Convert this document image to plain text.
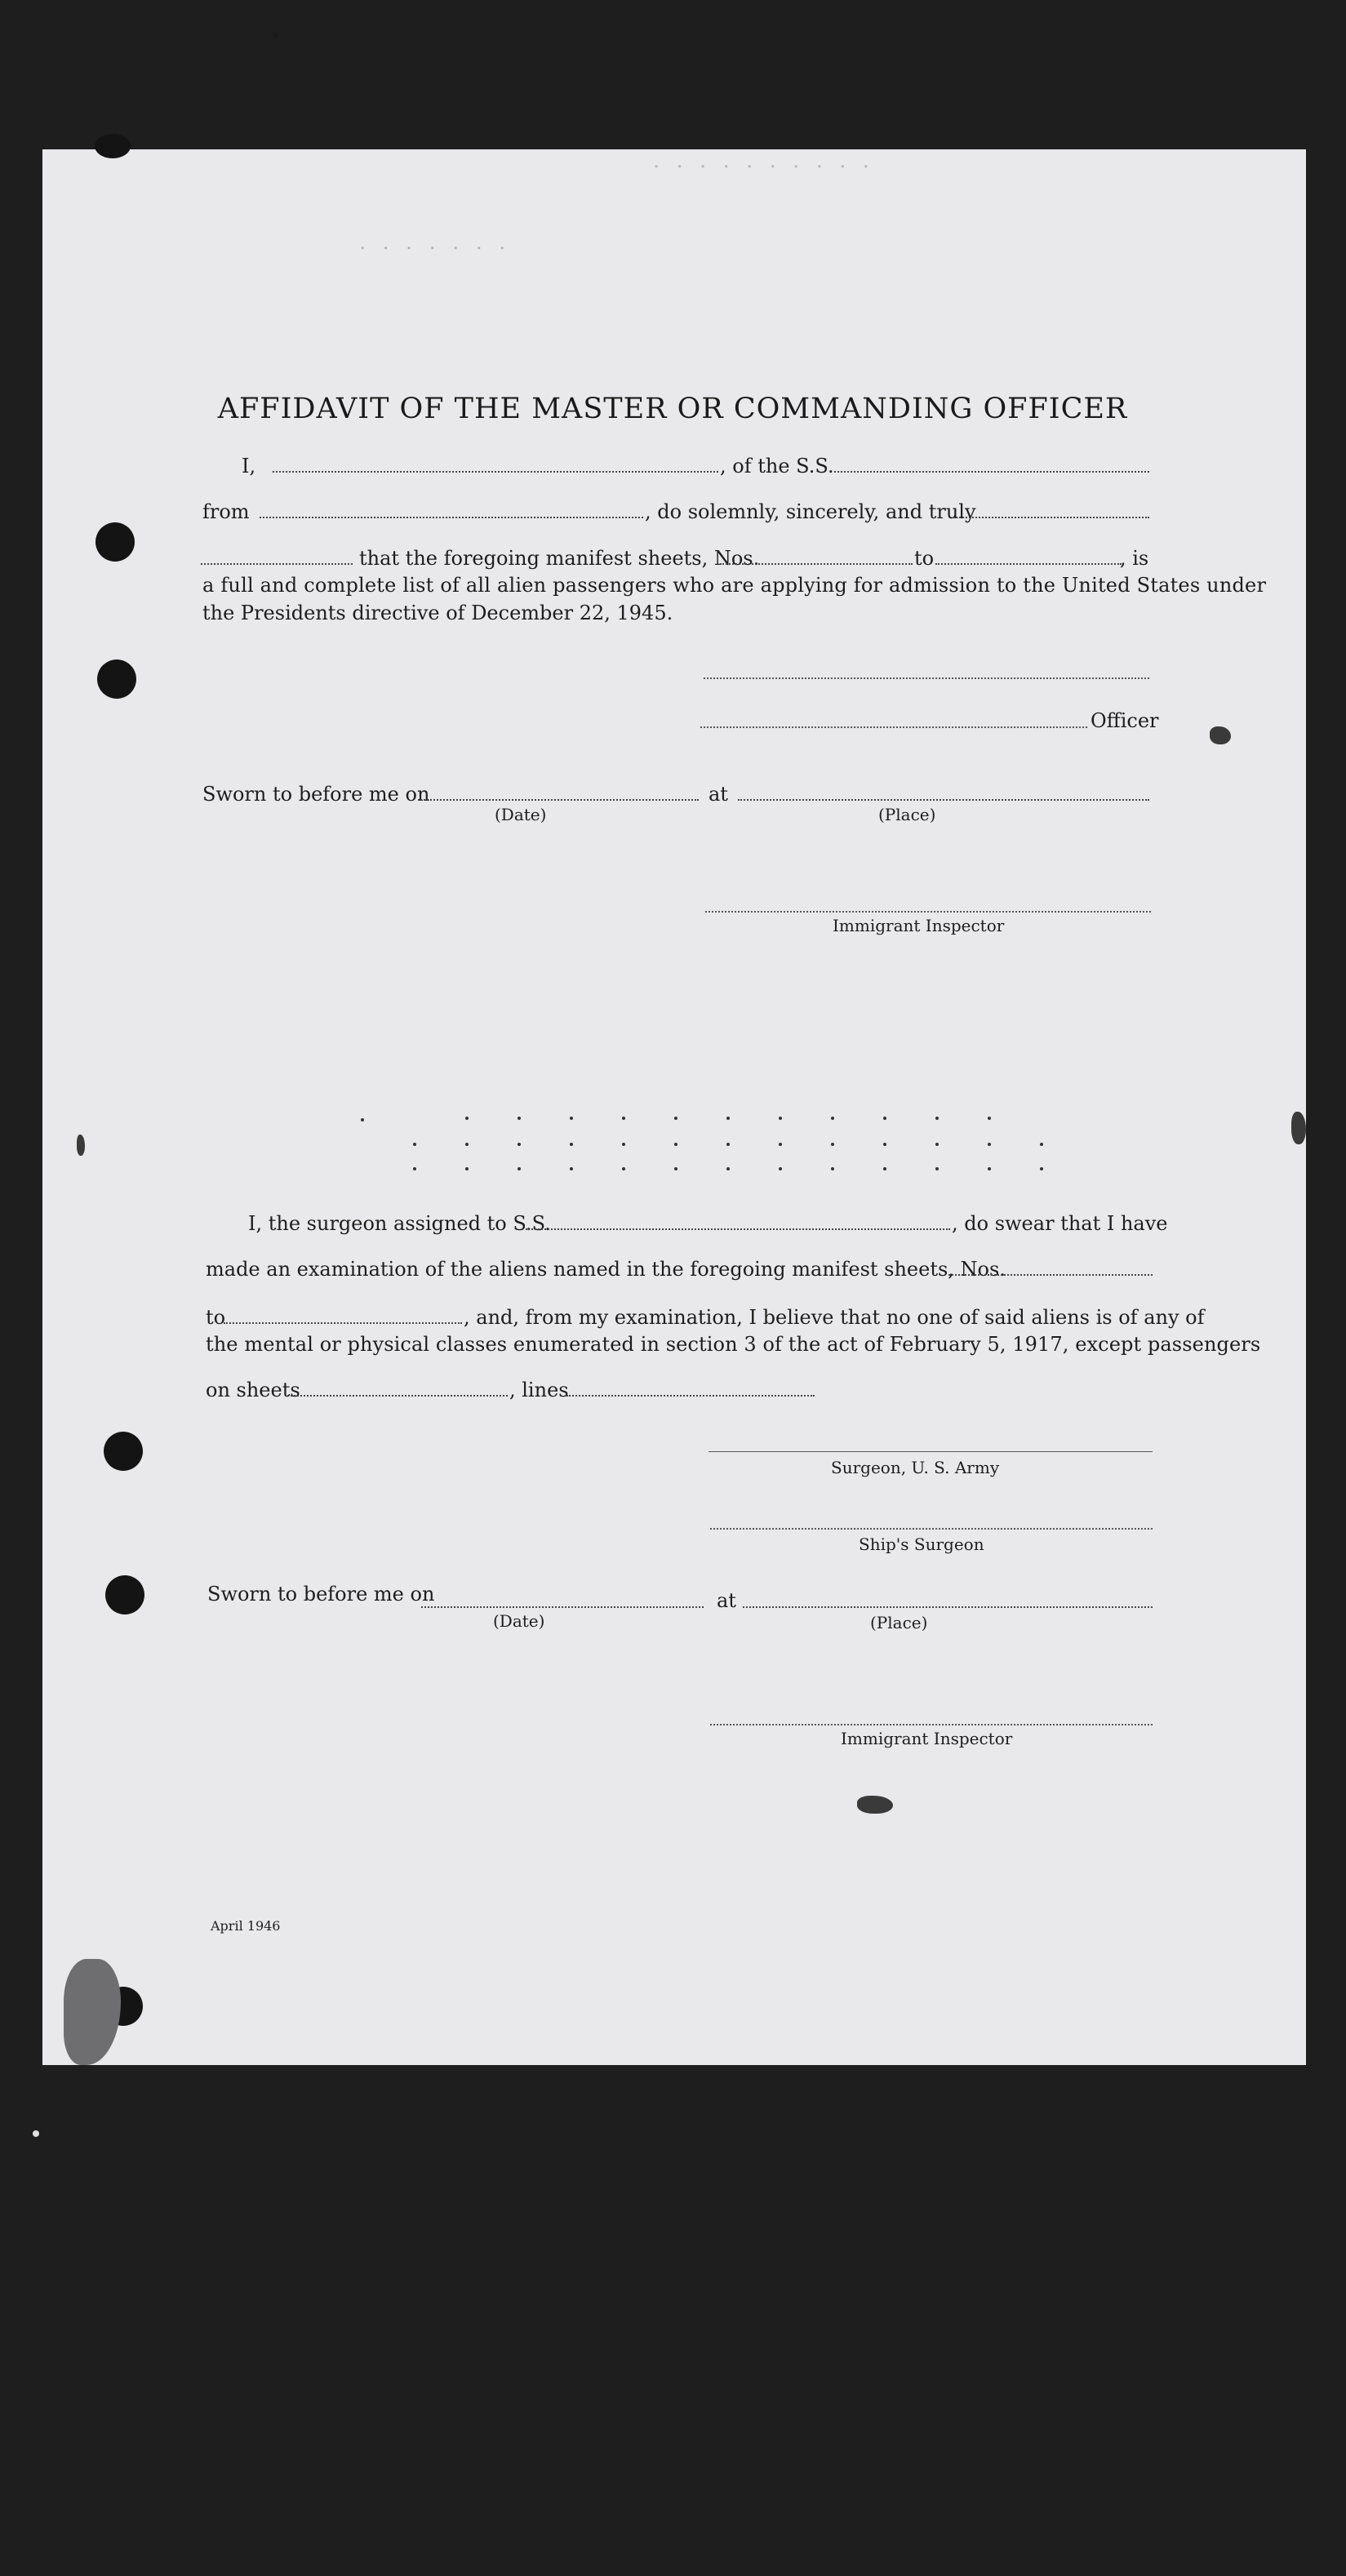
· · · · · · · · · ·
· · · · · · ·
AFFIDAVIT OF THE MASTER OR COMMANDING OFFICER
I,	, of the S.S.
from	, do solemnly, sincerely, and truly
that the foregoing manifest sheets, Nos.	to	, is
a full and complete list of all alien passengers who are applying for admission to the United States under
the Presidents directive of December 22, 1945.
Officer
Sworn to before me on	at
(Date)	(Place)
Immigrant Inspector
I, the surgeon assigned to S.S.	, do swear that I have
made an examination of the aliens named in the foregoing manifest sheets, Nos.
to	, and, from my examination, I believe that no one of said aliens is of any of
the mental or physical classes enumerated in section 3 of the act of February 5, 1917, except passengers
on sheets	, lines
Surgeon, U. S. Army
Ship's Surgeon
Sworn to before me on	at
(Date)	(Place)
Immigrant Inspector
April 1946
